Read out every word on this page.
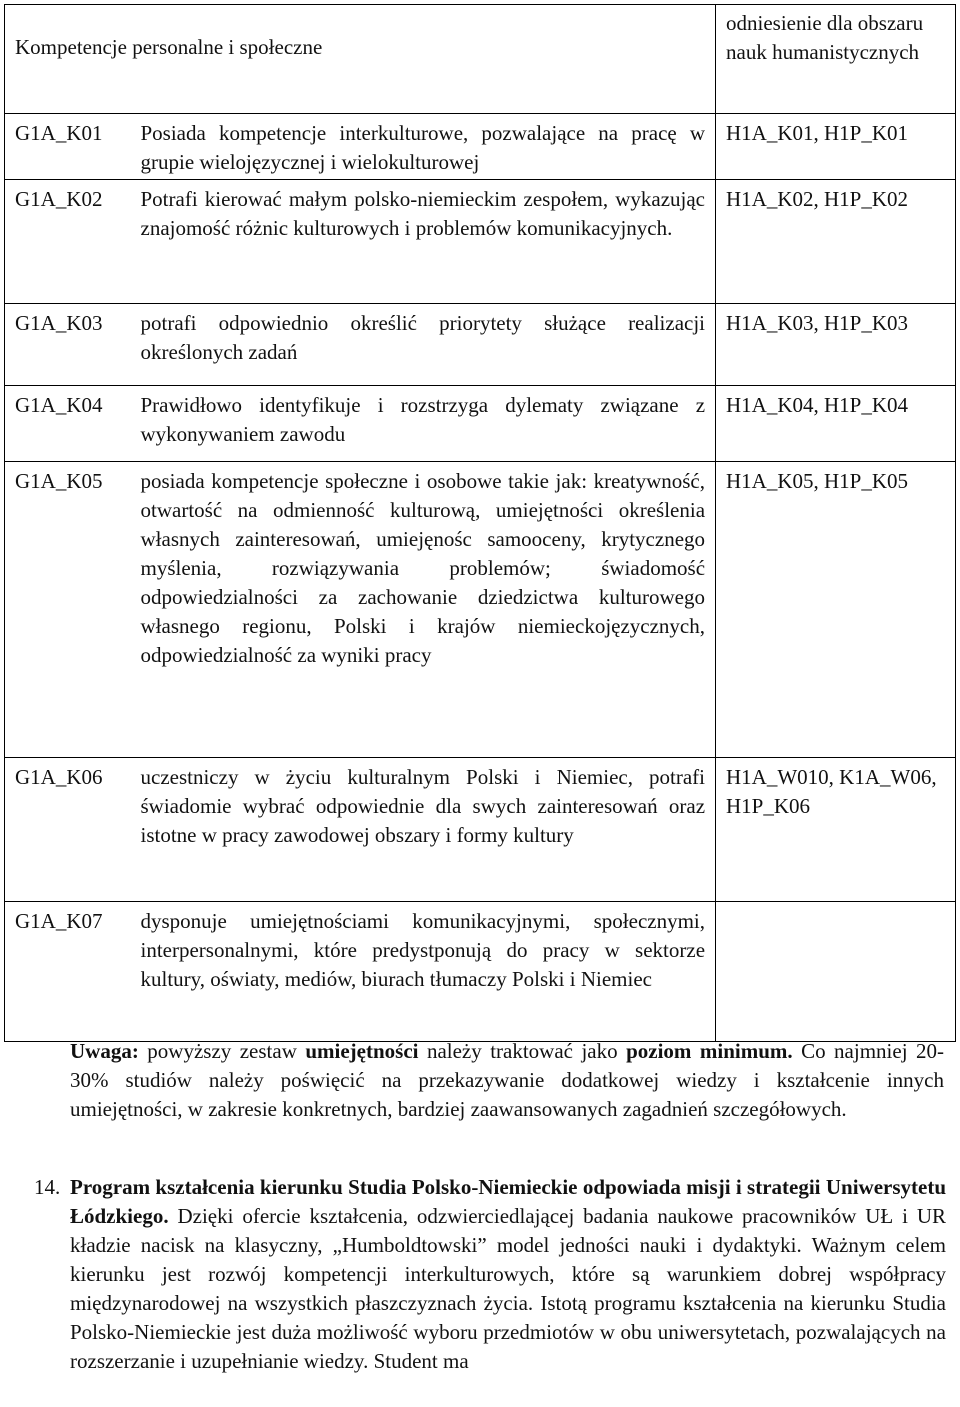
Kompetencje personalne i społeczne		odniesienie dla obszaru nauk humanistycznych
G1A_K01	Posiada kompetencje interkulturowe, pozwalające na pracę w grupie wielojęzycznej i wielokulturowej	H1A_K01, H1P_K01
G1A_K02	Potrafi kierować małym polsko-niemieckim zespołem, wykazując znajomość różnic kulturowych i problemów komunikacyjnych.	H1A_K02, H1P_K02
G1A_K03	potrafi odpowiednio określić priorytety służące realizacji określonych zadań	H1A_K03, H1P_K03
G1A_K04	Prawidłowo identyfikuje i rozstrzyga dylematy związane z wykonywaniem zawodu	H1A_K04, H1P_K04
G1A_K05	posiada kompetencje społeczne i osobowe takie jak: kreatywność, otwartość na odmienność kulturową, umiejętności określenia własnych zainteresowań, umiejęnośc samooceny, krytycznego myślenia, rozwiązywania problemów; świadomość odpowiedzialności za zachowanie dziedzictwa kulturowego własnego regionu, Polski i krajów niemieckojęzycznych, odpowiedzialność za wyniki pracy	H1A_K05, H1P_K05
G1A_K06	uczestniczy w życiu kulturalnym Polski i Niemiec, potrafi świadomie wybrać odpowiednie dla swych zainteresowań oraz istotne w pracy zawodowej obszary i formy kultury	H1A_W010, K1A_W06, H1P_K06
G1A_K07	dysponuje umiejętnościami komunikacyjnymi, społecznymi, interpersonalnymi, które predystponują do pracy w sektorze kultury, oświaty, mediów, biurach tłumaczy Polski i Niemiec	
Uwaga: powyższy zestaw umiejętności należy traktować jako poziom minimum. Co najmniej 20-30% studiów należy poświęcić na przekazywanie dodatkowej wiedzy i kształcenie innych umiejętności, w zakresie konkretnych, bardziej zaawansowanych zagadnień szczegółowych.
14. Program kształcenia kierunku Studia Polsko-Niemieckie odpowiada misji i strategii Uniwersytetu Łódzkiego. Dzięki ofercie kształcenia, odzwierciedlającej badania naukowe pracowników UŁ i UR kładzie nacisk na klasyczny, „Humboldtowski” model jedności nauki i dydaktyki. Ważnym celem kierunku jest rozwój kompetencji interkulturowych, które są warunkiem dobrej współpracy międzynarodowej na wszystkich płaszczyznach życia. Istotą programu kształcenia na kierunku Studia Polsko-Niemieckie jest duża możliwość wyboru przedmiotów w obu uniwersytetach, pozwalających na rozszerzanie i uzupełnianie wiedzy. Student ma
